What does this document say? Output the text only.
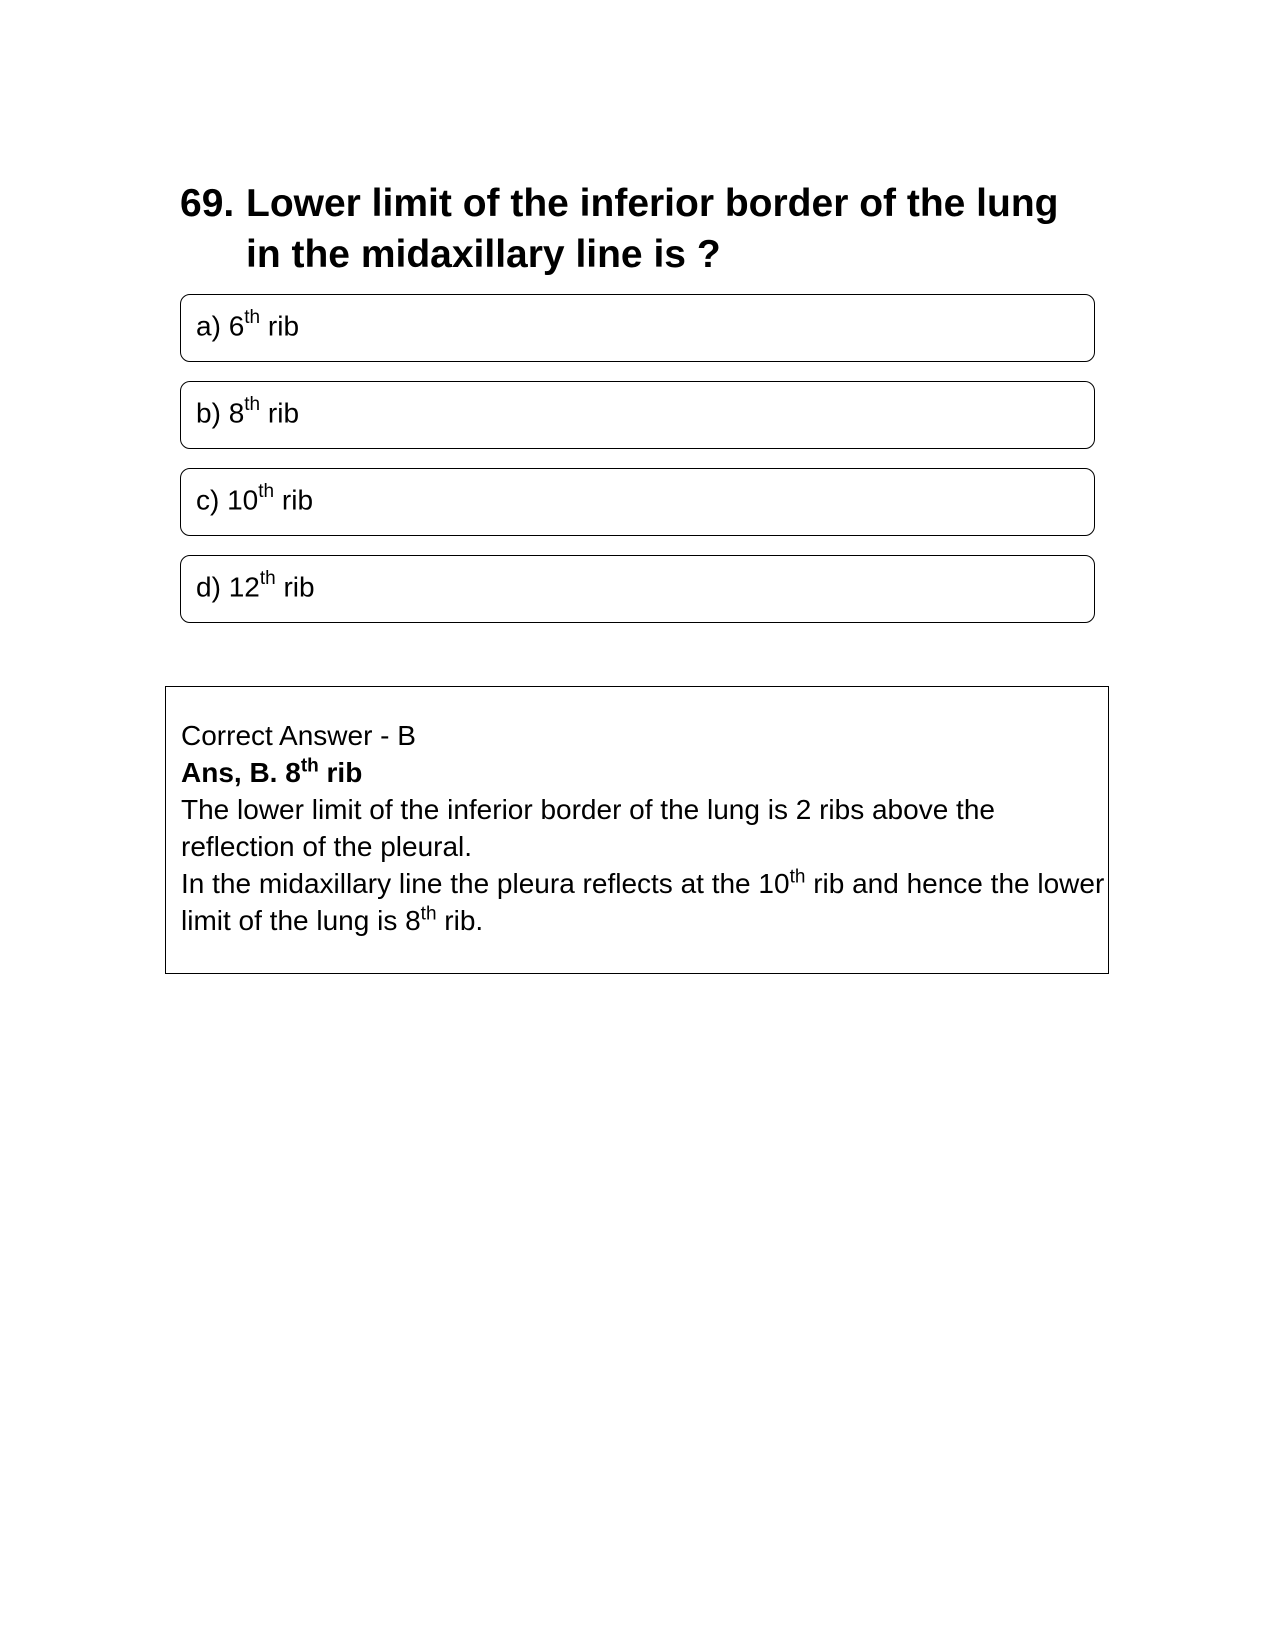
69. Lower limit of the inferior border of the lung in the midaxillary line is ?
a) 6th rib
b) 8th rib
c) 10th rib
d) 12th rib

Correct Answer - B

Ans, B. 8th rib

The lower limit of the inferior border of the lung is 2 ribs above the reflection of the pleural.

In the midaxillary line the pleura reflects at the 10th rib and hence the lower limit of the lung is 8th rib.
